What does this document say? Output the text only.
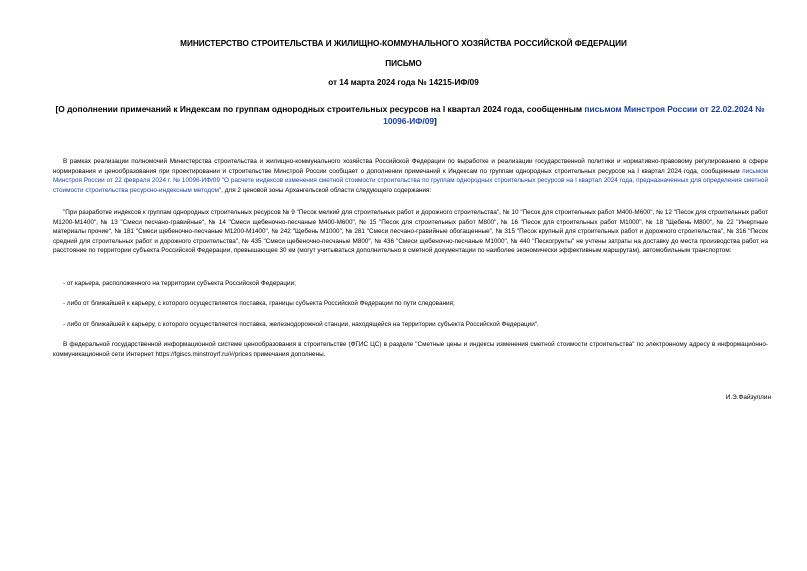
МИНИСТЕРСТВО СТРОИТЕЛЬСТВА И ЖИЛИЩНО-КОММУНАЛЬНОГО ХОЗЯЙСТВА РОССИЙСКОЙ ФЕДЕРАЦИИ
ПИСЬМО
от 14 марта 2024 года № 14215-ИФ/09
[О дополнении примечаний к Индексам по группам однородных строительных ресурсов на I квартал 2024 года, сообщенным письмом Минстроя России от 22.02.2024 № 10096-ИФ/09]
В рамках реализации полномочий Министерства строительства и жилищно-коммунального хозяйства Российской Федерации по выработке и реализации государственной политики и нормативно-правовому регулированию в сфере нормирования и ценообразования при проектировании и строительстве Минстрой России сообщает о дополнении примечаний к Индексам по группам однородных строительных ресурсов на I квартал 2024 года, сообщенным письмом Минстроя России от 22 февраля 2024 г. № 10096-ИФ/09 "О расчете индексов изменения сметной стоимости строительства по группам однородных строительных ресурсов на I квартал 2024 года, предназначенных для определения сметной стоимости строительства ресурсно-индексным методом", для 2 ценовой зоны Архангельской области следующего содержания:
"При разработке индексов к группам однородных строительных ресурсов № 9 "Песок мелкий для строительных работ и дорожного строительства", № 10 "Песок для строительных работ М400-М600", № 12 "Песок для строительных работ М1200-М1400", № 13 "Смеси песчано-гравийные", № 14 "Смеси щебеночно-песчаные М400-М600", № 15 "Песок для строительных работ М800", № 16 "Песок для строительных работ М1000", № 18 "Щебень М800", № 22 "Инертные материалы прочие", № 181 "Смеси щебеночно-песчаные М1200-М1400", № 242 "Щебень М1000", № 281 "Смеси песчано-гравийные обогащенные", № 315 "Песок крупный для строительных работ и дорожного строительства", № 316 "Песок средний для строительных работ и дорожного строительства", № 435 "Смеси щебеночно-песчаные М800", № 436 "Смеси щебеночно-песчаные М1000", № 440 "Пескогрунты" не учтены затраты на доставку до места производства работ на расстояние по территории субъекта Российской Федерации, превышающее 30 км (могут учитываться дополнительно в сметной документации по наиболее экономически эффективным маршрутам), автомобильным транспортом:
- от карьера, расположенного на территории субъекта Российской Федерации;
- либо от ближайшей к карьеру, с которого осуществляется поставка, границы субъекта Российской Федерации по пути следования;
- либо от ближайшей к карьеру, с которого осуществляется поставка, железнодорожной станции, находящейся на территории субъекта Российской Федерации".
В федеральной государственной информационной системе ценообразования в строительстве (ФГИС ЦС) в разделе "Сметные цены и индексы изменения сметной стоимости строительства" по электронному адресу в информационно-коммуникационной сети Интернет https://fgiscs.minstroyrf.ru/#/prices примечания дополнены.
И.Э.Файзуллин
